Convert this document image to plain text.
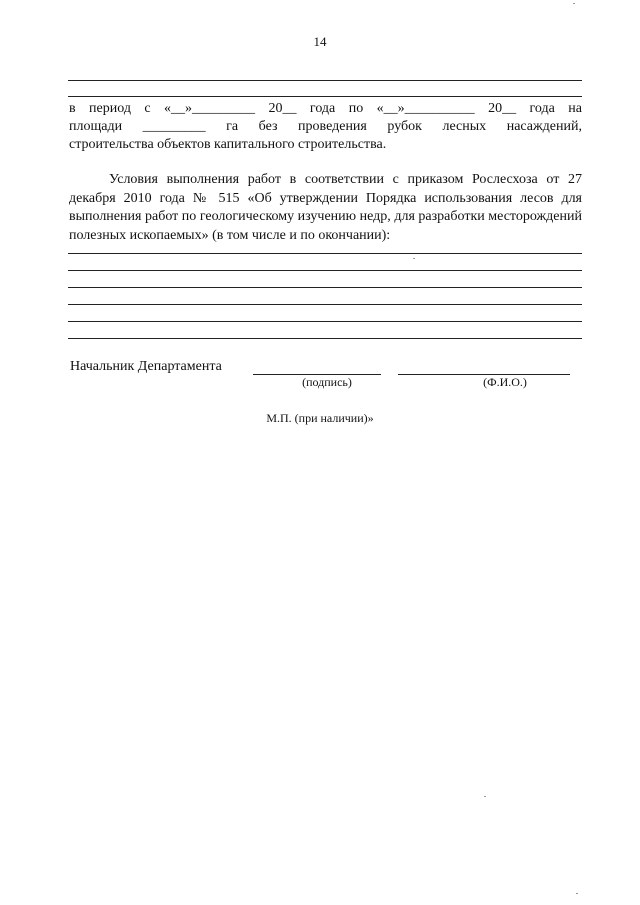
14
в период с «__»_________ 20__ года по «__»__________ 20__ года на
площади _________ га без проведения рубок лесных насаждений,
строительства объектов капитального строительства.
Условия выполнения работ в соответствии с приказом Рослесхоза от 27 декабря 2010 года № 515 «Об утверждении Порядка использования лесов для выполнения работ по геологическому изучению недр, для разработки месторождений полезных ископаемых» (в том числе и по окончании):
Начальник Департамента
(подпись)	(Ф.И.О.)
М.П. (при наличии)»
